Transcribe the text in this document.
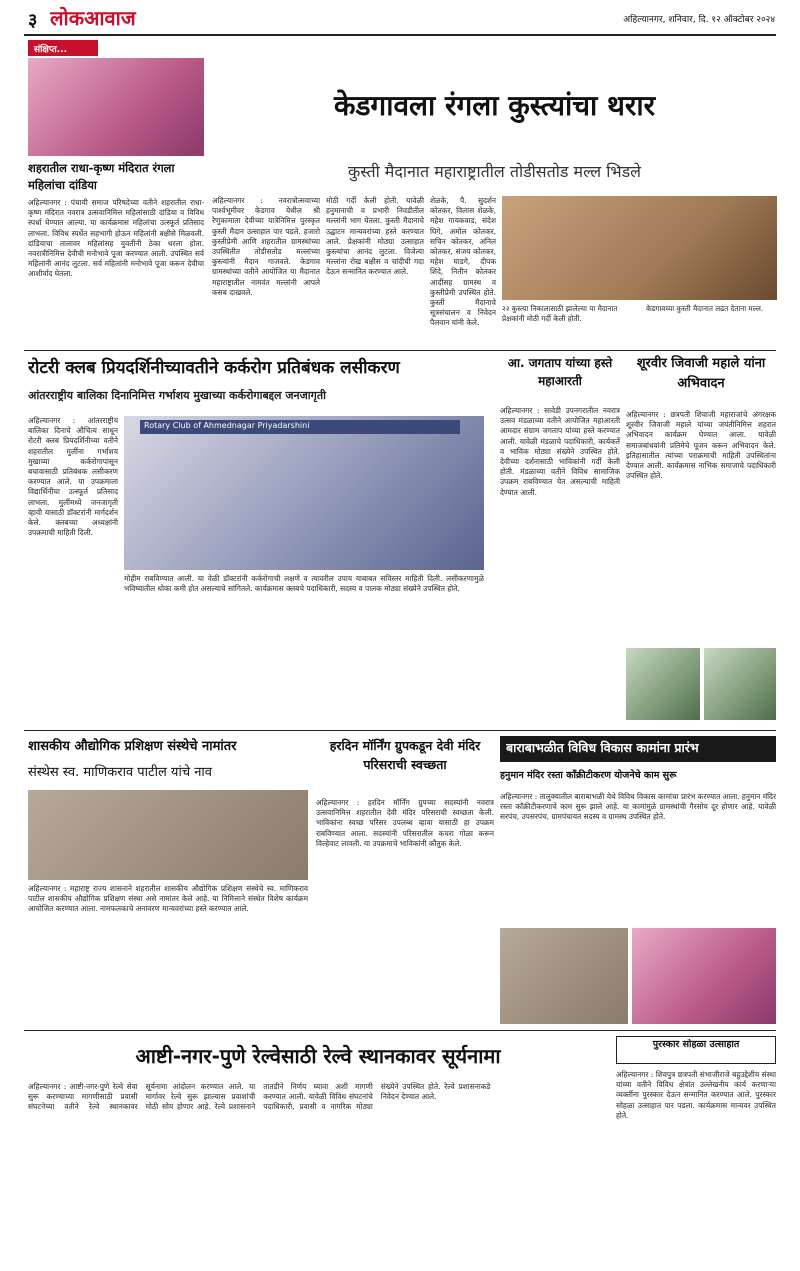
३ लोकआवाज	अहिल्यानगर, शनिवार, दि. १२ ऑक्टोबर २०२४
संक्षिप्त...
शहरातील राधा-कृष्ण मंदिरात रंगला महिलांचा दांडिया
अहिल्यानगर : पंचायी समाज परिषदेच्या वतीने शहरातील राधा-कृष्ण मंदिरात नवरात्र उत्सवानिमित्त महिलांसाठी दांडिया व विविध स्पर्धा घेण्यात आल्या. या कार्यक्रमास महिलांचा उत्स्फूर्त प्रतिसाद लाभला. विविध स्पर्धेत सहभागी होऊन महिलांनी बक्षीसे मिळवली. दांडियाचा तालावर महिलांसह युवतींनी ठेका धरला होता. नवरात्रीनिमित्त देवीची मनोभावे पूजा करण्यात आली. उपस्थित सर्व महिलांनी आनंद लुटला. सर्व महिलांनी मनोभावे पूजा करून देवीचा आशीर्वाद घेतला.
केडगावला रंगला कुस्त्यांचा थरार
कुस्ती मैदानात महाराष्ट्रातील तोडीसतोड मल्ल भिडले
अहिल्यानगर : नवरात्रोत्सवाच्या पार्श्वभूमीवर केडगाव येथील श्री रेणुकामाता देवीच्या यात्रेनिमित्त पुरस्कृत कुस्ती मैदान उत्साहात पार पडले. हजारो कुस्तीप्रेमी आणि शहरातील ग्रामस्थांच्या उपस्थितीत तोडीसतोड मल्लांच्या कुस्त्यांनी मैदान गाजवले. केडगाव ग्रामस्थांच्या वतीने आयोजित या मैदानात महाराष्ट्रातील नामवंत मल्लांनी आपले कसब दाखवले.
मोठी गर्दी केली होती. यावेळी हनुमानाची व प्रभारी निवडीतील मल्लांनी भाग घेतला. कुस्ती मैदानाचे उद्घाटन मान्यवरांच्या हस्ते करण्यात आले. प्रेक्षकांनी मोठ्या उत्साहात कुस्त्यांचा आनंद लुटला. विजेत्या मल्लांना रोख बक्षीस व चांदीची गदा देऊन सन्मानित करण्यात आले.
शेळके, पै. सुदर्शन कोतकर, विलास शेळके, महेश गायकवाड, संदेश घिगे, अमोल कोतकर, सचिन कोतकर, अनिल कोतकर, संजय कोतकर, महेश घाडगे, दीपक शिंदे, नितीन कोतकर आदींसह ग्रामस्थ व कुस्तीप्रेमी उपस्थित होते. कुस्ती मैदानाचे सूत्रसंचालन व निवेदन पैलवान यांनी केले.
२२ कुस्त्या निकालासाठी झालेल्या या मैदानात प्रेक्षकांनी मोठी गर्दी केली होती.
केडगावच्या कुस्ती मैदानात लढत देताना मल्ल.
रोटरी क्लब प्रियदर्शिनीच्यावतीने कर्करोग प्रतिबंधक लसीकरण
आंतरराष्ट्रीय बालिका दिनानिमित्त गर्भाशय मुखाच्या कर्करोगाबद्दल जनजागृती
अहिल्यानगर : आंतरराष्ट्रीय बालिका दिनाचे औचित्य साधून रोटरी क्लब प्रियदर्शिनीच्या वतीने शहरातील मुलींना गर्भाशय मुखाच्या कर्करोगापासून बचावासाठी प्रतिबंधक लसीकरण करण्यात आले. या उपक्रमाला विद्यार्थिनींचा उत्स्फूर्त प्रतिसाद लाभला. मुलींमध्ये जनजागृती व्हावी यासाठी डॉक्टरांनी मार्गदर्शन केले. क्लबच्या अध्यक्षांनी उपक्रमाची माहिती दिली.
Rotary Club of Ahmednagar Priyadarshini
मोहीम राबविण्यात आली. या वेळी डॉक्टरांनी कर्करोगाची लक्षणे व त्यावरील उपाय याबाबत सविस्तर माहिती दिली. लसीकरणामुळे भविष्यातील धोका कमी होत असल्याचे सांगितले. कार्यक्रमास क्लबचे पदाधिकारी, सदस्य व पालक मोठ्या संख्येने उपस्थित होते.
आ. जगताप यांच्या हस्ते महाआरती
अहिल्यानगर : सावेडी उपनगरातील नवरात्र उत्सव मंडळाच्या वतीने आयोजित महाआरती आमदार संग्राम जगताप यांच्या हस्ते करण्यात आली. यावेळी मंडळाचे पदाधिकारी, कार्यकर्ते व भाविक मोठ्या संख्येने उपस्थित होते. देवीच्या दर्शनासाठी भाविकांनी गर्दी केली होती. मंडळाच्या वतीने विविध सामाजिक उपक्रम राबविण्यात येत असल्याची माहिती देण्यात आली.
शूरवीर जिवाजी महाले यांना अभिवादन
अहिल्यानगर : छत्रपती शिवाजी महाराजांचे अंगरक्षक शूरवीर जिवाजी महाले यांच्या जयंतीनिमित्त शहरात अभिवादन कार्यक्रम घेण्यात आला. यावेळी समाजबांधवांनी प्रतिमेचे पूजन करून अभिवादन केले. इतिहासातील त्यांच्या पराक्रमाची माहिती उपस्थितांना देण्यात आली. कार्यक्रमास नाभिक समाजाचे पदाधिकारी उपस्थित होते.
शासकीय औद्योगिक प्रशिक्षण संस्थेचे नामांतर
संस्थेस स्व. माणिकराव पाटील यांचे नाव
अहिल्यानगर : महाराष्ट्र राज्य शासनाने शहरातील शासकीय औद्योगिक प्रशिक्षण संस्थेचे स्व. माणिकराव पाटील शासकीय औद्योगिक प्रशिक्षण संस्था असे नामांतर केले आहे. या निमित्ताने संस्थेत विशेष कार्यक्रम आयोजित करण्यात आला. नामफलकाचे अनावरण मान्यवरांच्या हस्ते करण्यात आले.
हरदिन मॉर्निंग ग्रुपकडून देवी मंदिर परिसराची स्वच्छता
अहिल्यानगर : हरदिन मॉर्निंग ग्रुपच्या सदस्यांनी नवरात्र उत्सवानिमित्त शहरातील देवी मंदिर परिसराची स्वच्छता केली. भाविकांना स्वच्छ परिसर उपलब्ध व्हावा यासाठी हा उपक्रम राबविण्यात आला. सदस्यांनी परिसरातील कचरा गोळा करून विल्हेवाट लावली. या उपक्रमाचे भाविकांनी कौतुक केले.
बाराबाभळीत विविध विकास कामांना प्रारंभ
हनुमान मंदिर रस्ता काँक्रीटीकरण योजनेचे काम सुरू
अहिल्यानगर : तालुक्यातील बाराबाभळी येथे विविध विकास कामांचा प्रारंभ करण्यात आला. हनुमान मंदिर रस्ता काँक्रीटीकरणाचे काम सुरू झाले आहे. या कामांमुळे ग्रामस्थांची गैरसोय दूर होणार आहे. यावेळी सरपंच, उपसरपंच, ग्रामपंचायत सदस्य व ग्रामस्थ उपस्थित होते.
आष्टी-नगर-पुणे रेल्वेसाठी रेल्वे स्थानकावर सूर्यनामा
अहिल्यानगर : आष्टी-नगर-पुणे रेल्वे सेवा सुरू करण्याच्या मागणीसाठी प्रवासी संघटनेच्या वतीने रेल्वे स्थानकावर सूर्यनामा आंदोलन करण्यात आले. या मार्गावर रेल्वे सुरू झाल्यास प्रवाशांची मोठी सोय होणार आहे. रेल्वे प्रशासनाने तातडीने निर्णय घ्यावा अशी मागणी करण्यात आली. यावेळी विविध संघटनांचे पदाधिकारी, प्रवासी व नागरिक मोठ्या संख्येने उपस्थित होते. रेल्वे प्रशासनाकडे निवेदन देण्यात आले.
पुरस्कार सोहळा उत्साहात
अहिल्यानगर : शिवपुत्र छत्रपती संभाजीराजे बहुउद्देशीय संस्था यांच्या वतीने विविध क्षेत्रांत उल्लेखनीय कार्य करणाऱ्या व्यक्तींना पुरस्कार देऊन सन्मानित करण्यात आले. पुरस्कार सोहळा उत्साहात पार पडला. कार्यक्रमास मान्यवर उपस्थित होते.
